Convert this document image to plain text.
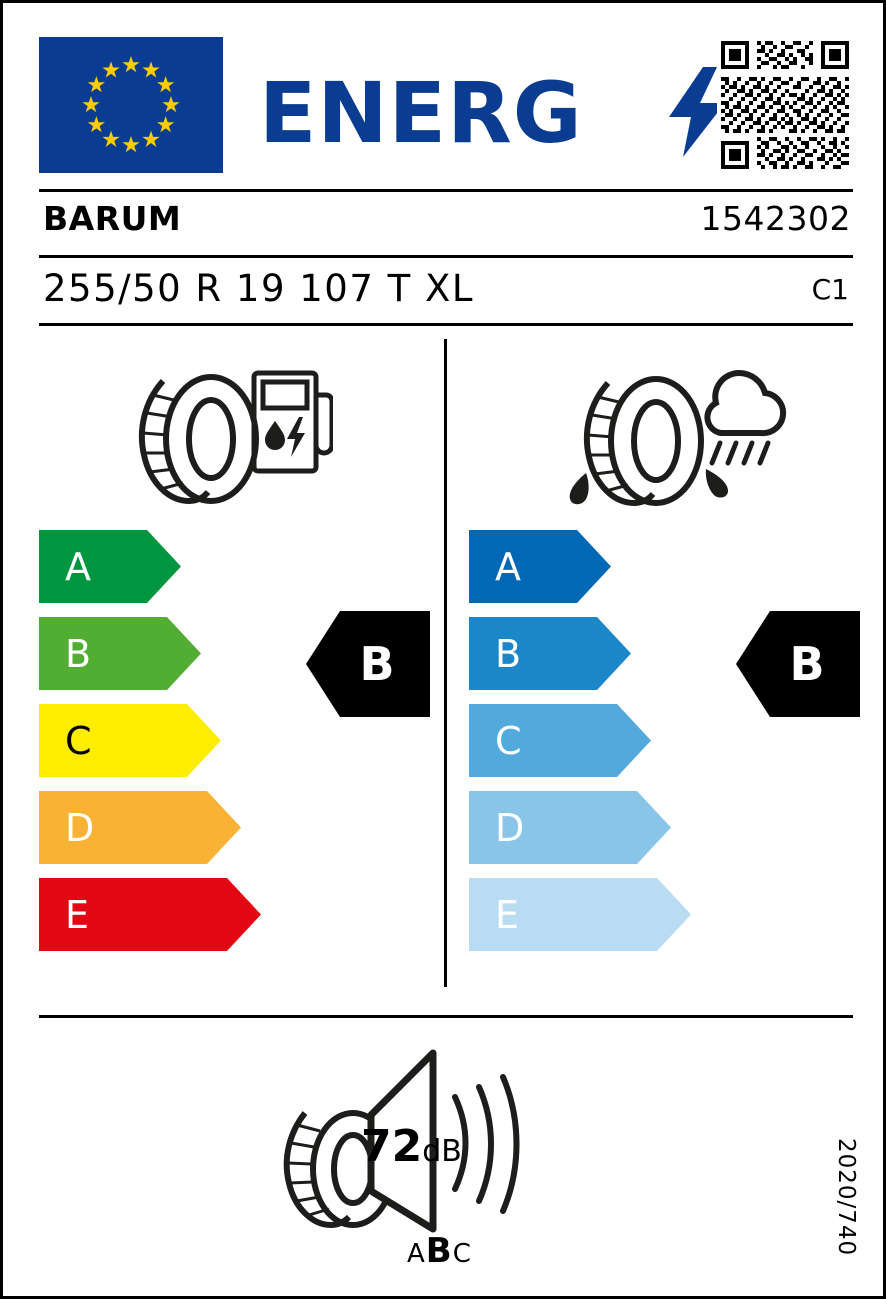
ENERG
BARUM	1542302
255/50 R 19 107 T XL	C1
A
B
C
D
E
B
A
B
C
D
E
B
72dB
ABC	2020/740
